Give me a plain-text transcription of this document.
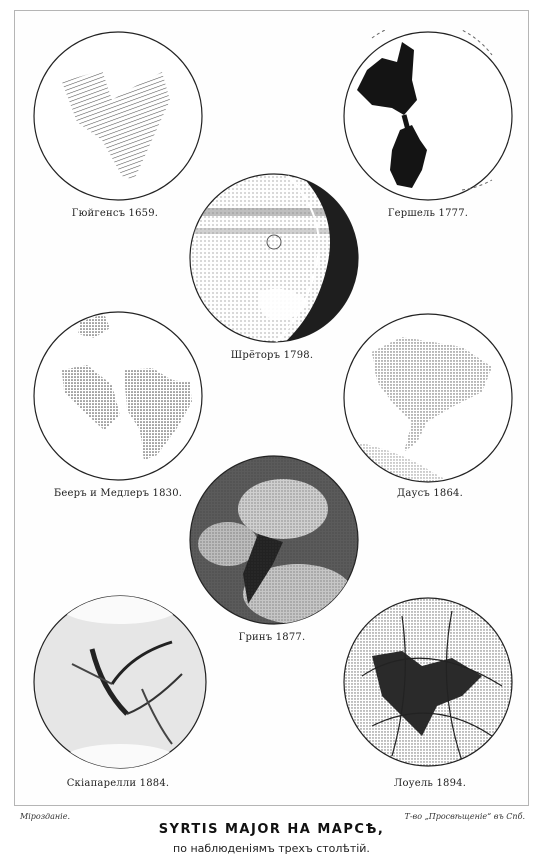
Гюйгенсъ 1659.	Гершель 1777.
Шрёторъ 1798.
Бееръ и Медлеръ 1830.	Даусъ 1864.
Гринъ 1877.
Скіапарелли 1884.	Лоуель 1894.
Мірозданіе.	Т-во „Просвѣщеніе“ въ Спб.
SYRTIS MAJOR НА МАРСѢ,
по наблюденіямъ трехъ столѣтій.
